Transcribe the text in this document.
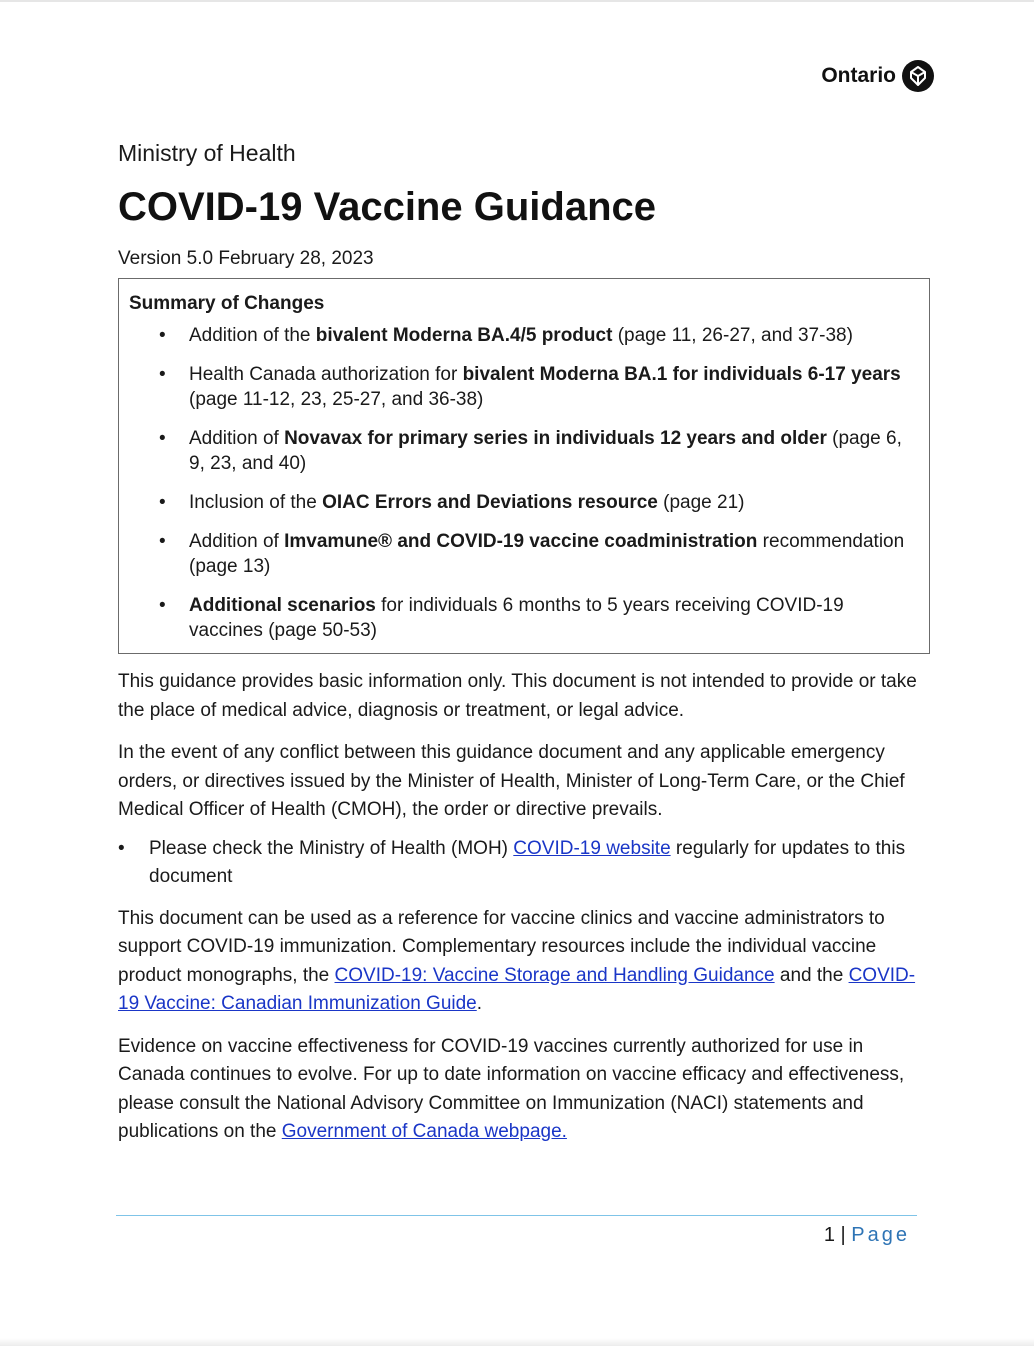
Ontario

Ministry of Health

COVID-19 Vaccine Guidance

Version 5.0 February 28, 2023

Summary of Changes

• Addition of the bivalent Moderna BA.4/5 product (page 11, 26-27, and 37-38)
• Health Canada authorization for bivalent Moderna BA.1 for individuals 6-17 years (page 11-12, 23, 25-27, and 36-38)
• Addition of Novavax for primary series in individuals 12 years and older (page 6, 9, 23, and 40)
• Inclusion of the OIAC Errors and Deviations resource (page 21)
• Addition of Imvamune® and COVID-19 vaccine coadministration recommendation (page 13)
• Additional scenarios for individuals 6 months to 5 years receiving COVID-19 vaccines (page 50-53)

This guidance provides basic information only. This document is not intended to provide or take the place of medical advice, diagnosis or treatment, or legal advice.

In the event of any conflict between this guidance document and any applicable emergency orders, or directives issued by the Minister of Health, Minister of Long-Term Care, or the Chief Medical Officer of Health (CMOH), the order or directive prevails.

• Please check the Ministry of Health (MOH) COVID-19 website regularly for updates to this document

This document can be used as a reference for vaccine clinics and vaccine administrators to support COVID-19 immunization. Complementary resources include the individual vaccine product monographs, the COVID-19: Vaccine Storage and Handling Guidance and the COVID-19 Vaccine: Canadian Immunization Guide.

Evidence on vaccine effectiveness for COVID-19 vaccines currently authorized for use in Canada continues to evolve. For up to date information on vaccine efficacy and effectiveness, please consult the National Advisory Committee on Immunization (NACI) statements and publications on the Government of Canada webpage.

1 | Page
